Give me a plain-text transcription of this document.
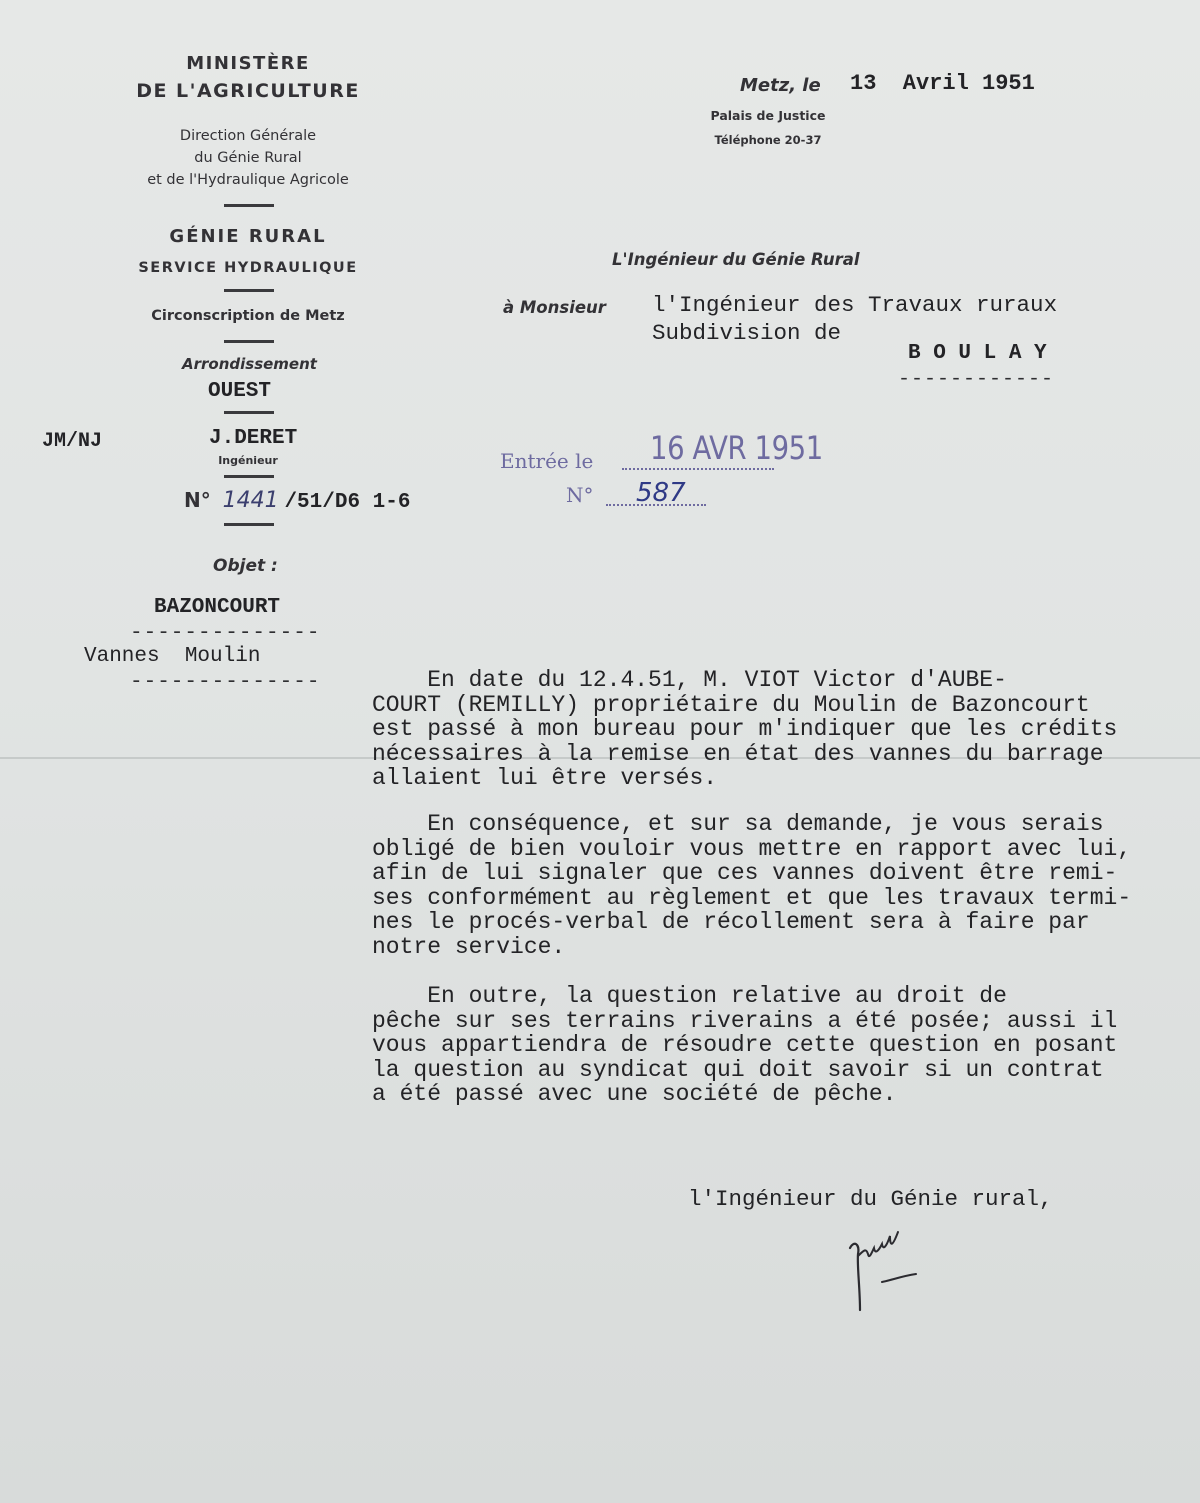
MINISTÈRE
DE L'AGRICULTURE
Direction Générale
du Génie Rural
et de l'Hydraulique Agricole
GÉNIE RURAL
SERVICE HYDRAULIQUE
Circonscription de Metz
Arrondissement
OUEST
JM/NJ	J.DERET
Ingénieur
N° 1441 /51/D6 1-6
Objet :
BAZONCOURT
--------------
Vannes  Moulin
--------------
Metz, le 13  Avril 1951
Palais de Justice
Téléphone 20-37
L'Ingénieur du Génie Rural
à Monsieur l'Ingénieur des Travaux ruraux
Subdivision de
B O U L A Y
------------
Entrée le 16 AVR 1951
N° 587
En date du 12.4.51, M. VIOT Victor d'AUBE-
COURT (REMILLY) propriétaire du Moulin de Bazoncourt
est passé à mon bureau pour m'indiquer que les crédits
nécessaires à la remise en état des vannes du barrage
allaient lui être versés.
En conséquence, et sur sa demande, je vous serais
obligé de bien vouloir vous mettre en rapport avec lui,
afin de lui signaler que ces vannes doivent être remi-
ses conformément au règlement et que les travaux termi-
nes le procés-verbal de récollement sera à faire par
notre service.
En outre, la question relative au droit de
pêche sur ses terrains riverains a été posée; aussi il
vous appartiendra de résoudre cette question en posant
la question au syndicat qui doit savoir si un contrat
a été passé avec une société de pêche.
l'Ingénieur du Génie rural,
